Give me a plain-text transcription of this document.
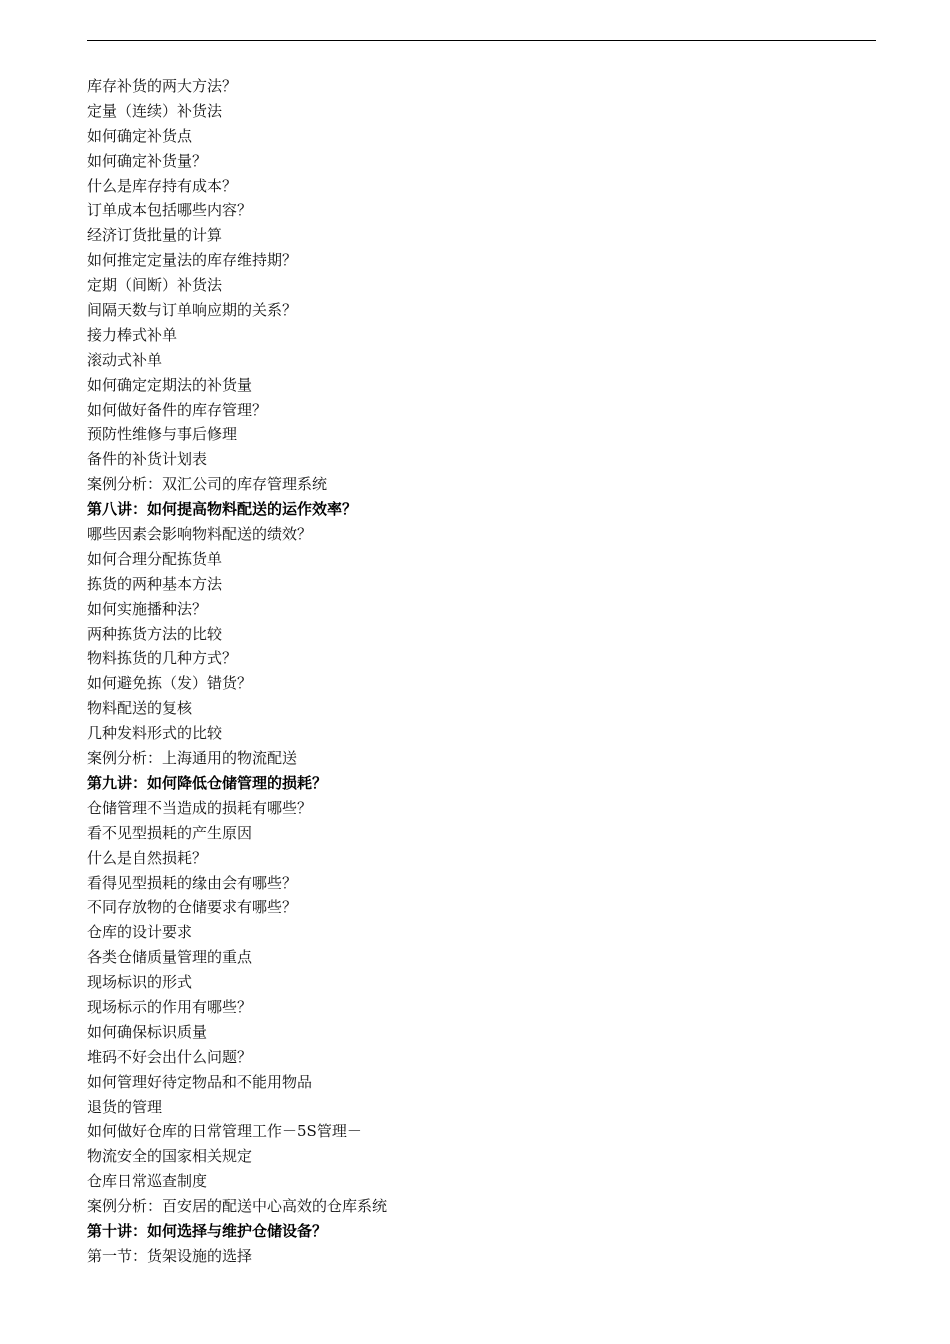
库存补货的两大方法？
定量（连续）补货法
如何确定补货点
如何确定补货量？
什么是库存持有成本？
订单成本包括哪些内容？
经济订货批量的计算
如何推定定量法的库存维持期？
定期（间断）补货法
间隔天数与订单响应期的关系？
接力棒式补单
滚动式补单
如何确定定期法的补货量
如何做好备件的库存管理？
预防性维修与事后修理
备件的补货计划表
案例分析：双汇公司的库存管理系统
第八讲：如何提高物料配送的运作效率？
哪些因素会影响物料配送的绩效？
如何合理分配拣货单
拣货的两种基本方法
如何实施播种法？
两种拣货方法的比较
物料拣货的几种方式？
如何避免拣（发）错货？
物料配送的复核
几种发料形式的比较
案例分析：上海通用的物流配送
第九讲：如何降低仓储管理的损耗？
仓储管理不当造成的损耗有哪些？
看不见型损耗的产生原因
什么是自然损耗？
看得见型损耗的缘由会有哪些？
不同存放物的仓储要求有哪些？
仓库的设计要求
各类仓储质量管理的重点
现场标识的形式
现场标示的作用有哪些？
如何确保标识质量
堆码不好会出什么问题？
如何管理好待定物品和不能用物品
退货的管理
如何做好仓库的日常管理工作－5S管理－
物流安全的国家相关规定
仓库日常巡查制度
案例分析：百安居的配送中心高效的仓库系统
第十讲：如何选择与维护仓储设备？
第一节：货架设施的选择
